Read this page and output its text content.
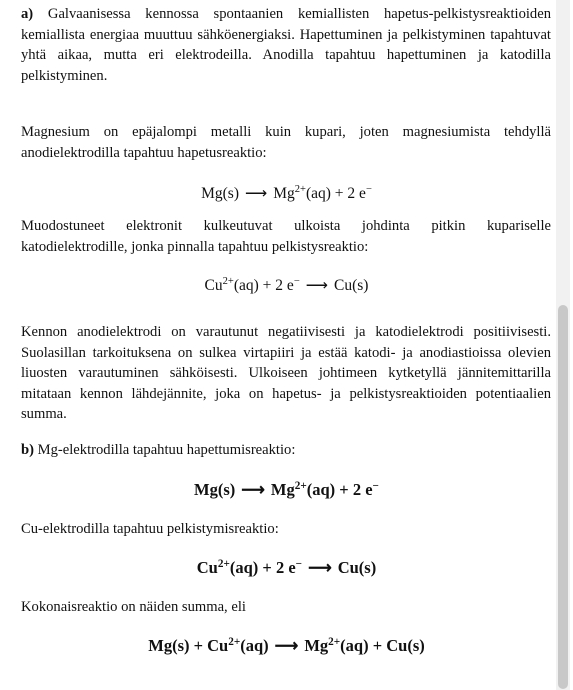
a) Galvaanisessa kennossa spontaanien kemiallisten hapetus-pelkistysreaktioiden kemiallista energiaa muuttuu sähköenergiaksi. Hapettuminen ja pelkistyminen tapahtuvat yhtä aikaa, mutta eri elektrodeilla. Anodilla tapahtuu hapettuminen ja katodilla pelkistyminen.
Magnesium on epäjalompi metalli kuin kupari, joten magnesiumista tehdyllä anodielektrodilla tapahtuu hapetusreaktio:
Mg(s) ⟶ $Mg^{2+}(aq) + 2$ e−
Muodostuneet elektronit kulkeutuvat ulkoista johdinta pitkin kupariselle katodielektrodille, jonka pinnalla tapahtuu pelkistysreaktio:
$Cu^{2+}(aq) + 2$ e− ⟶ Cu(s)
Kennon anodielektrodi on varautunut negatiivisesti ja katodielektrodi positiivisesti. Suolasillan tarkoituksena on sulkea virtapiiri ja estää katodi- ja anodiastioissa olevien liuosten varautuminen sähköisesti. Ulkoiseen johtimeen kytketyllä jännitemittarilla mitataan kennon lähdejännite, joka on hapetus- ja pelkistysreaktioiden potentiaalien summa.
b) Mg-elektrodilla tapahtuu hapettumisreaktio:
Mg(s) ⟶ $Mg^{2+}(aq) + 2$ e−
Cu-elektrodilla tapahtuu pelkistymisreaktio:
$Cu^{2+}(aq) + 2$ e− ⟶ Cu(s)
Kokonaisreaktio on näiden summa, eli
$Mg(s) + Cu^{2+}(aq)$ ⟶ $Mg^{2+}(aq) + Cu(s)$
